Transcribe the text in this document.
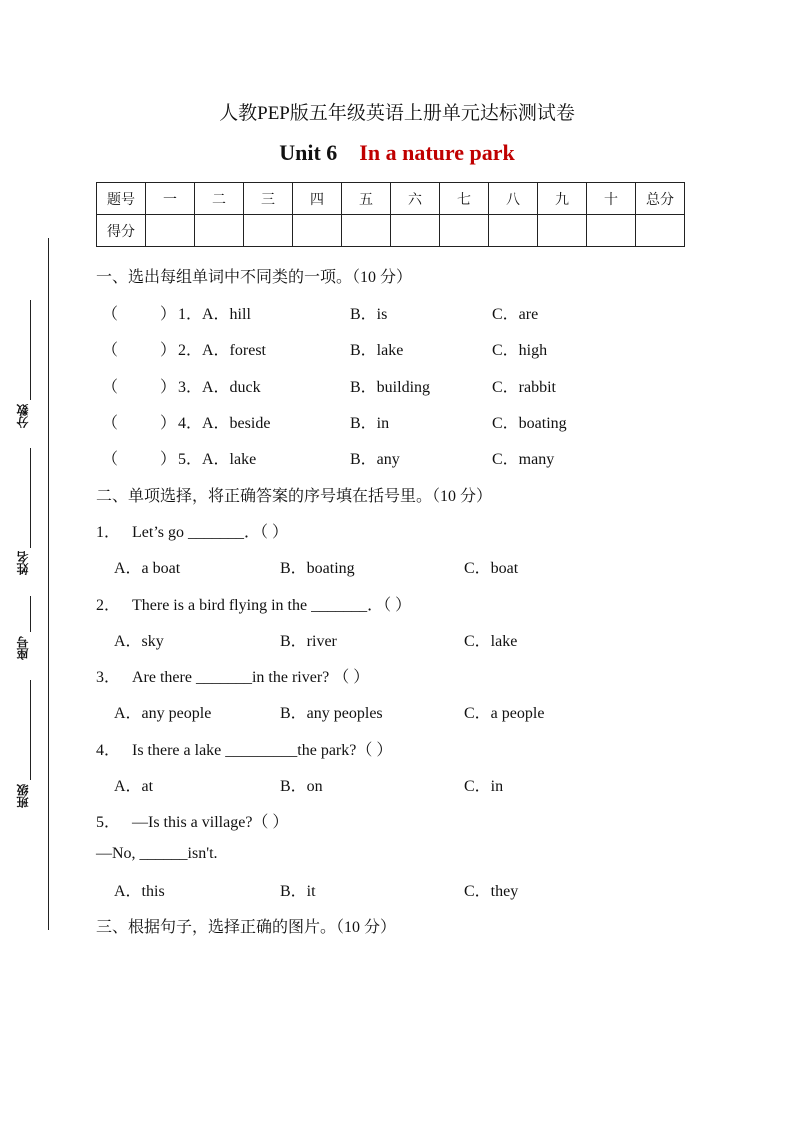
人教PEP版五年级英语上册单元达标测试卷
Unit 6 In a nature park
题号	一	二	三	四	五	六	七	八	九	十	总分
得分											
分数
姓名
座号
班级
一、选出每组单词中不同类的一项。（10 分）
（	） 1．A．hill	B．is	C．are
（	） 2．A．forest	B．lake	C．high
（	） 3．A．duck	B．building	C．rabbit
（	） 4．A．beside	B．in	C．boating
（	） 5．A．lake	B．any	C．many
二、单项选择，将正确答案的序号填在括号里。（10 分）
1． Let’s go _______．（ ）
A．a boat	B．boating	C．boat
2． There is a bird flying in the _______．（ ）
A．sky	B．river	C．lake
3． Are there _______in the river? （ ）
A．any people	B．any peoples	C．a people
4． Is there a lake _________the park?（ ）
A．at	B．on	C．in
5． —Is this a village?（ ）
—No, ______isn't.
A．this	B．it	C．they
三、根据句子，选择正确的图片。（10 分）
